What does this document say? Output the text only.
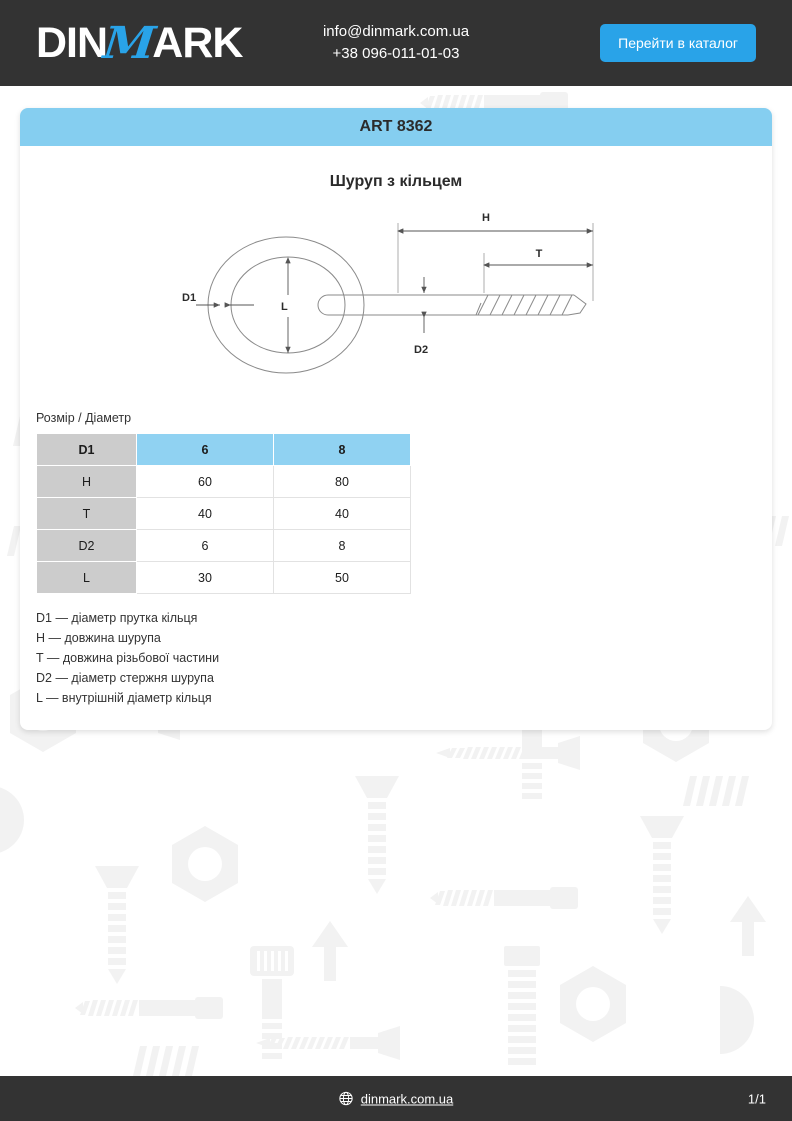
DIN
M
ARK	info@dinmark.com.ua
+38 096-011-01-03
Перейти в каталог
ART 8362
Шуруп з кільцем
D1
L
H
T
D2
Розмір / Діаметр
D1	6	8
H	60	80
T	40	40
D2	6	8
L	30	50
D1 — діаметр прутка кільця
H — довжина шурупа
T — довжина різьбової частини
D2 — діаметр стержня шурупа
L — внутрішній діаметр кільця
dinmark.com.ua	1/1
